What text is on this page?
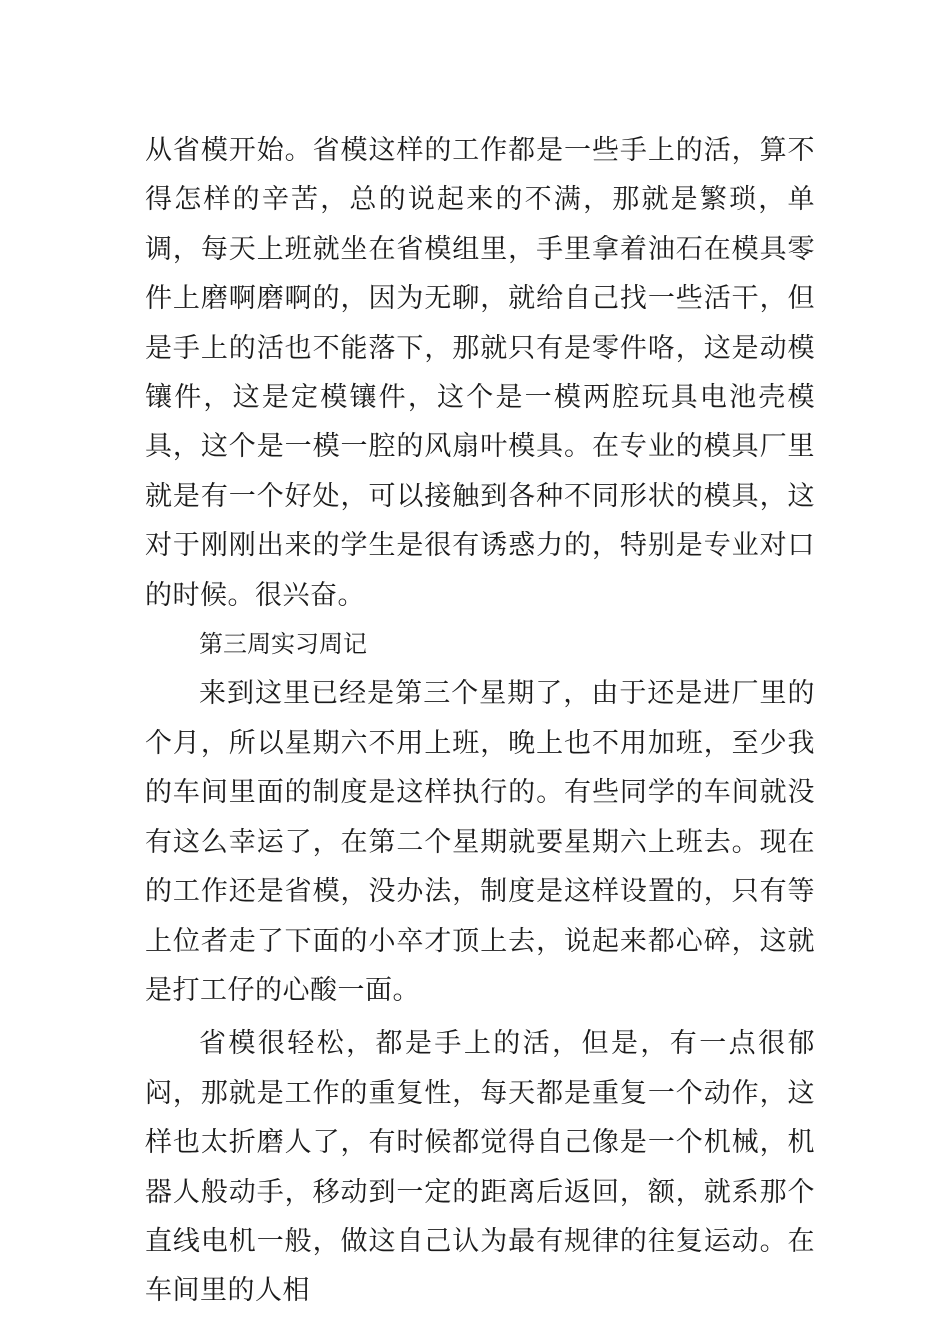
从省模开始。省模这样的工作都是一些手上的活，算不得怎样的辛苦，总的说起来的不满，那就是繁琐，单调，每天上班就坐在省模组里，手里拿着油石在模具零件上磨啊磨啊的，因为无聊，就给自己找一些活干，但是手上的活也不能落下，那就只有是零件咯，这是动模镶件，这是定模镶件，这个是一模两腔玩具电池壳模具，这个是一模一腔的风扇叶模具。在专业的模具厂里就是有一个好处，可以接触到各种不同形状的模具，这对于刚刚出来的学生是很有诱惑力的，特别是专业对口的时候。很兴奋。

第三周实习周记

来到这里已经是第三个星期了，由于还是进厂里的个月，所以星期六不用上班，晚上也不用加班，至少我的车间里面的制度是这样执行的。有些同学的车间就没有这么幸运了，在第二个星期就要星期六上班去。现在的工作还是省模，没办法，制度是这样设置的，只有等上位者走了下面的小卒才顶上去，说起来都心碎，这就是打工仔的心酸一面。

省模很轻松，都是手上的活，但是，有一点很郁闷，那就是工作的重复性，每天都是重复一个动作，这样也太折磨人了，有时候都觉得自己像是一个机械，机器人般动手，移动到一定的距离后返回，额，就系那个直线电机一般，做这自己认为最有规律的往复运动。在车间里的人相
